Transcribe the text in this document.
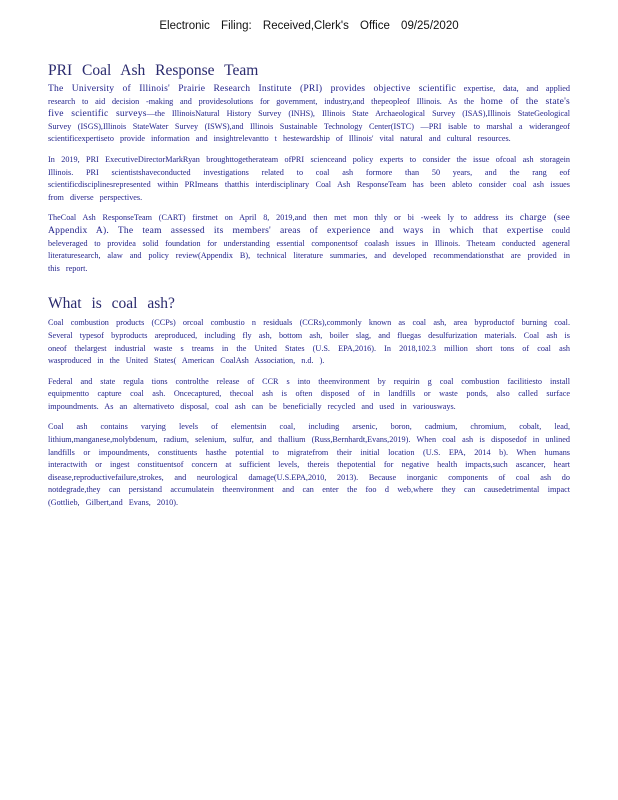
Electronic Filing: Received,Clerk's Office 09/25/2020
PRI Coal Ash Response Team

The University of Illinois' Prairie Research Institute (PRI) provides objective scientific expertise, data, and applied research to aid decision -making and providesolutions for government, industry,and thepeopleof Illinois. As the home of the state's five scientific surveys—the IllinoisNatural History Survey (INHS), Illinois State Archaeological Survey (ISAS),Illinois StateGeological Survey (ISGS),Illinois StateWater Survey (ISWS),and Illinois Sustainable Technology Center(ISTC) —PRI isable to marshal a widerangeof scientificexpertiseto provide information and insightrelevantto t hestewardship of Illinois' vital natural and cultural resources.

In 2019, PRI ExecutiveDirectorMarkRyan broughttogetherateam ofPRI scienceand policy experts to consider the issue ofcoal ash storagein Illinois. PRI scientistshaveconducted investigations related to coal ash formore than 50 years, and the rang eof scientificdisciplinesrepresented within PRImeans thatthis interdisciplinary Coal Ash ResponseTeam has been ableto consider coal ash issues from diverse perspectives.

TheCoal Ash ResponseTeam (CART) firstmet on April 8, 2019,and then met mon thly or bi -week ly to address its charge (see Appendix A). The team assessed its members' areas of experience and ways in which that expertise could beleveraged to providea solid foundation for understanding essential componentsof coalash issues in Illinois. Theteam conducted ageneral literaturesearch, alaw and policy review(Appendix B), technical literature summaries, and developed recommendationsthat are provided in this report.

What is coal ash?

Coal combustion products (CCPs) orcoal combustio n residuals (CCRs),commonly known as coal ash, area byproductof burning coal. Several typesof byproducts areproduced, including fly ash, bottom ash, boiler slag, and fluegas desulfurization materials. Coal ash is oneof thelargest industrial waste s treams in the United States (U.S. EPA,2016). In 2018,102.3 million short tons of coal ash wasproduced in the United States( American CoalAsh Association, n.d. ).

Federal and state regula tions controlthe release of CCR s into theenvironment by requirin g coal combustion facilitiesto install equipmentto capture coal ash. Oncecaptured, thecoal ash is often disposed of in landfills or waste ponds, also called surface impoundments. As an alternativeto disposal, coal ash can be beneficially recycled and used in variousways.

Coal ash contains varying levels of elementsin coal, including arsenic, boron, cadmium, chromium, cobalt, lead, lithium,manganese,molybdenum, radium, selenium, sulfur, and thallium (Russ,Bernhardt,Evans,2019). When coal ash is disposedof in unlined landfills or impoundments, constituents hasthe potential to migratefrom their initial location (U.S. EPA, 2014 b). When humans interactwith or ingest constituentsof concern at sufficient levels, thereis thepotential for negative health impacts,such ascancer, heart disease,reproductivefailure,strokes, and neurological damage(U.S.EPA,2010, 2013). Because inorganic components of coal ash do notdegrade,they can persistand accumulatein theenvironment and can enter the foo d web,where they can causedetrimental impact (Gottlieb, Gilbert,and Evans, 2010).
